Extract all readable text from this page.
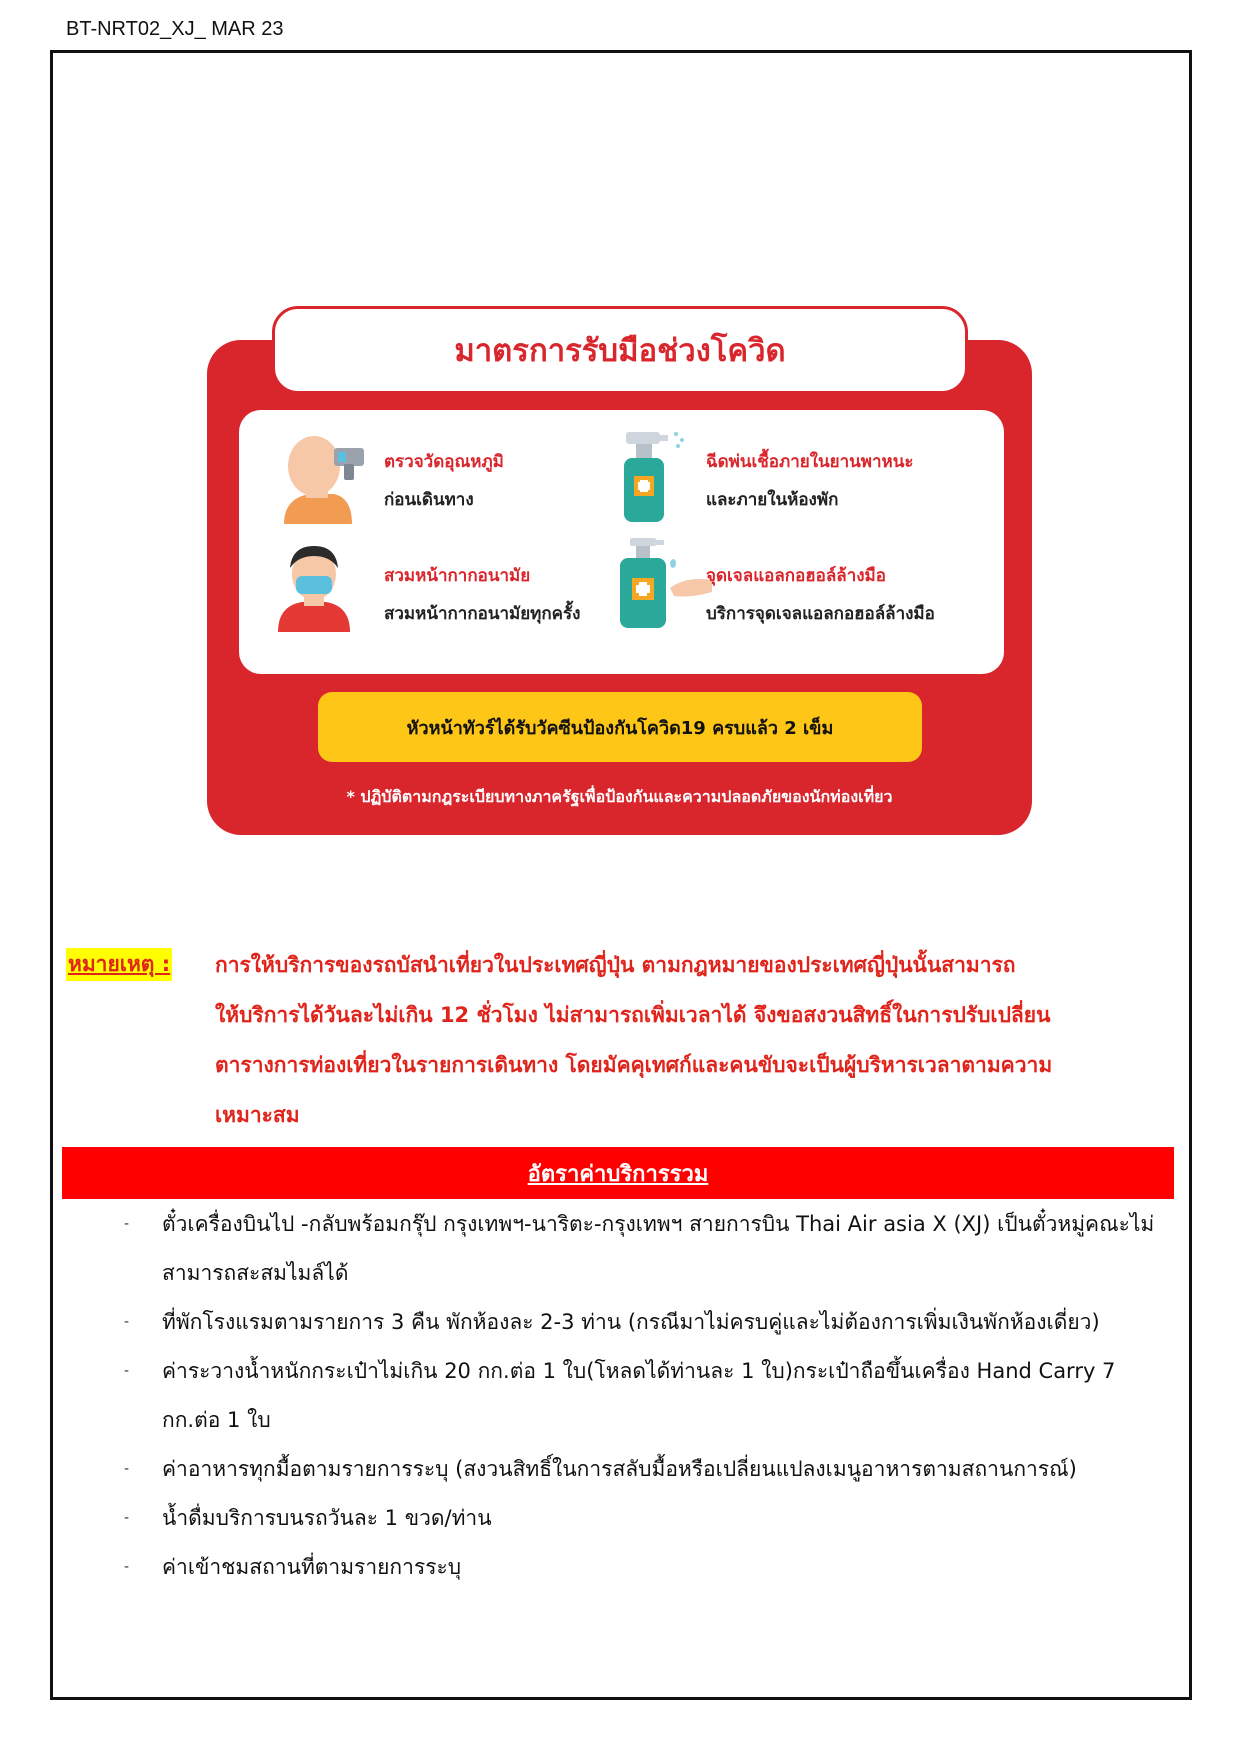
BT-NRT02_XJ_ MAR 23
มาตรการรับมือช่วงโควิด
ตรวจวัดอุณหภูมิ
ก่อนเดินทาง
ฉีดพ่นเชื้อภายในยานพาหนะ
และภายในห้องพัก
สวมหน้ากากอนามัย
สวมหน้ากากอนามัยทุกครั้ง
จุดเจลแอลกอฮอล์ล้างมือ
บริการจุดเจลแอลกอฮอล์ล้างมือ
หัวหน้าทัวร์ได้รับวัคซีนป้องกันโควิด19 ครบแล้ว 2 เข็ม
* ปฏิบัติตามกฎระเบียบทางภาครัฐเพื่อป้องกันและความปลอดภัยของนักท่องเที่ยว
หมายเหตุ : การให้บริการของรถบัสนำเที่ยวในประเทศญี่ปุ่น ตามกฎหมายของประเทศญี่ปุ่นนั้นสามารถ
ให้บริการได้วันละไม่เกิน 12 ชั่วโมง ไม่สามารถเพิ่มเวลาได้ จึงขอสงวนสิทธิ์ในการปรับเปลี่ยน
ตารางการท่องเที่ยวในรายการเดินทาง โดยมัคคุเทศก์และคนขับจะเป็นผู้บริหารเวลาตามความ
เหมาะสม
อัตราค่าบริการรวม
- ตั๋วเครื่องบินไป -กลับพร้อมกรุ๊ป กรุงเทพฯ-นาริตะ-กรุงเทพฯ สายการบิน Thai Air asia X (XJ) เป็นตั๋วหมู่คณะไม่สามารถสะสมไมล์ได้
- ที่พักโรงแรมตามรายการ 3 คืน พักห้องละ 2-3 ท่าน (กรณีมาไม่ครบคู่และไม่ต้องการเพิ่มเงินพักห้องเดี่ยว)
- ค่าระวางน้ำหนักกระเป๋าไม่เกิน 20 กก.ต่อ 1 ใบ(โหลดได้ท่านละ 1 ใบ)กระเป๋าถือขึ้นเครื่อง Hand Carry 7 กก.ต่อ 1 ใบ
- ค่าอาหารทุกมื้อตามรายการระบุ (สงวนสิทธิ์ในการสลับมื้อหรือเปลี่ยนแปลงเมนูอาหารตามสถานการณ์)
- น้ำดื่มบริการบนรถวันละ 1 ขวด/ท่าน
- ค่าเข้าชมสถานที่ตามรายการระบุ
